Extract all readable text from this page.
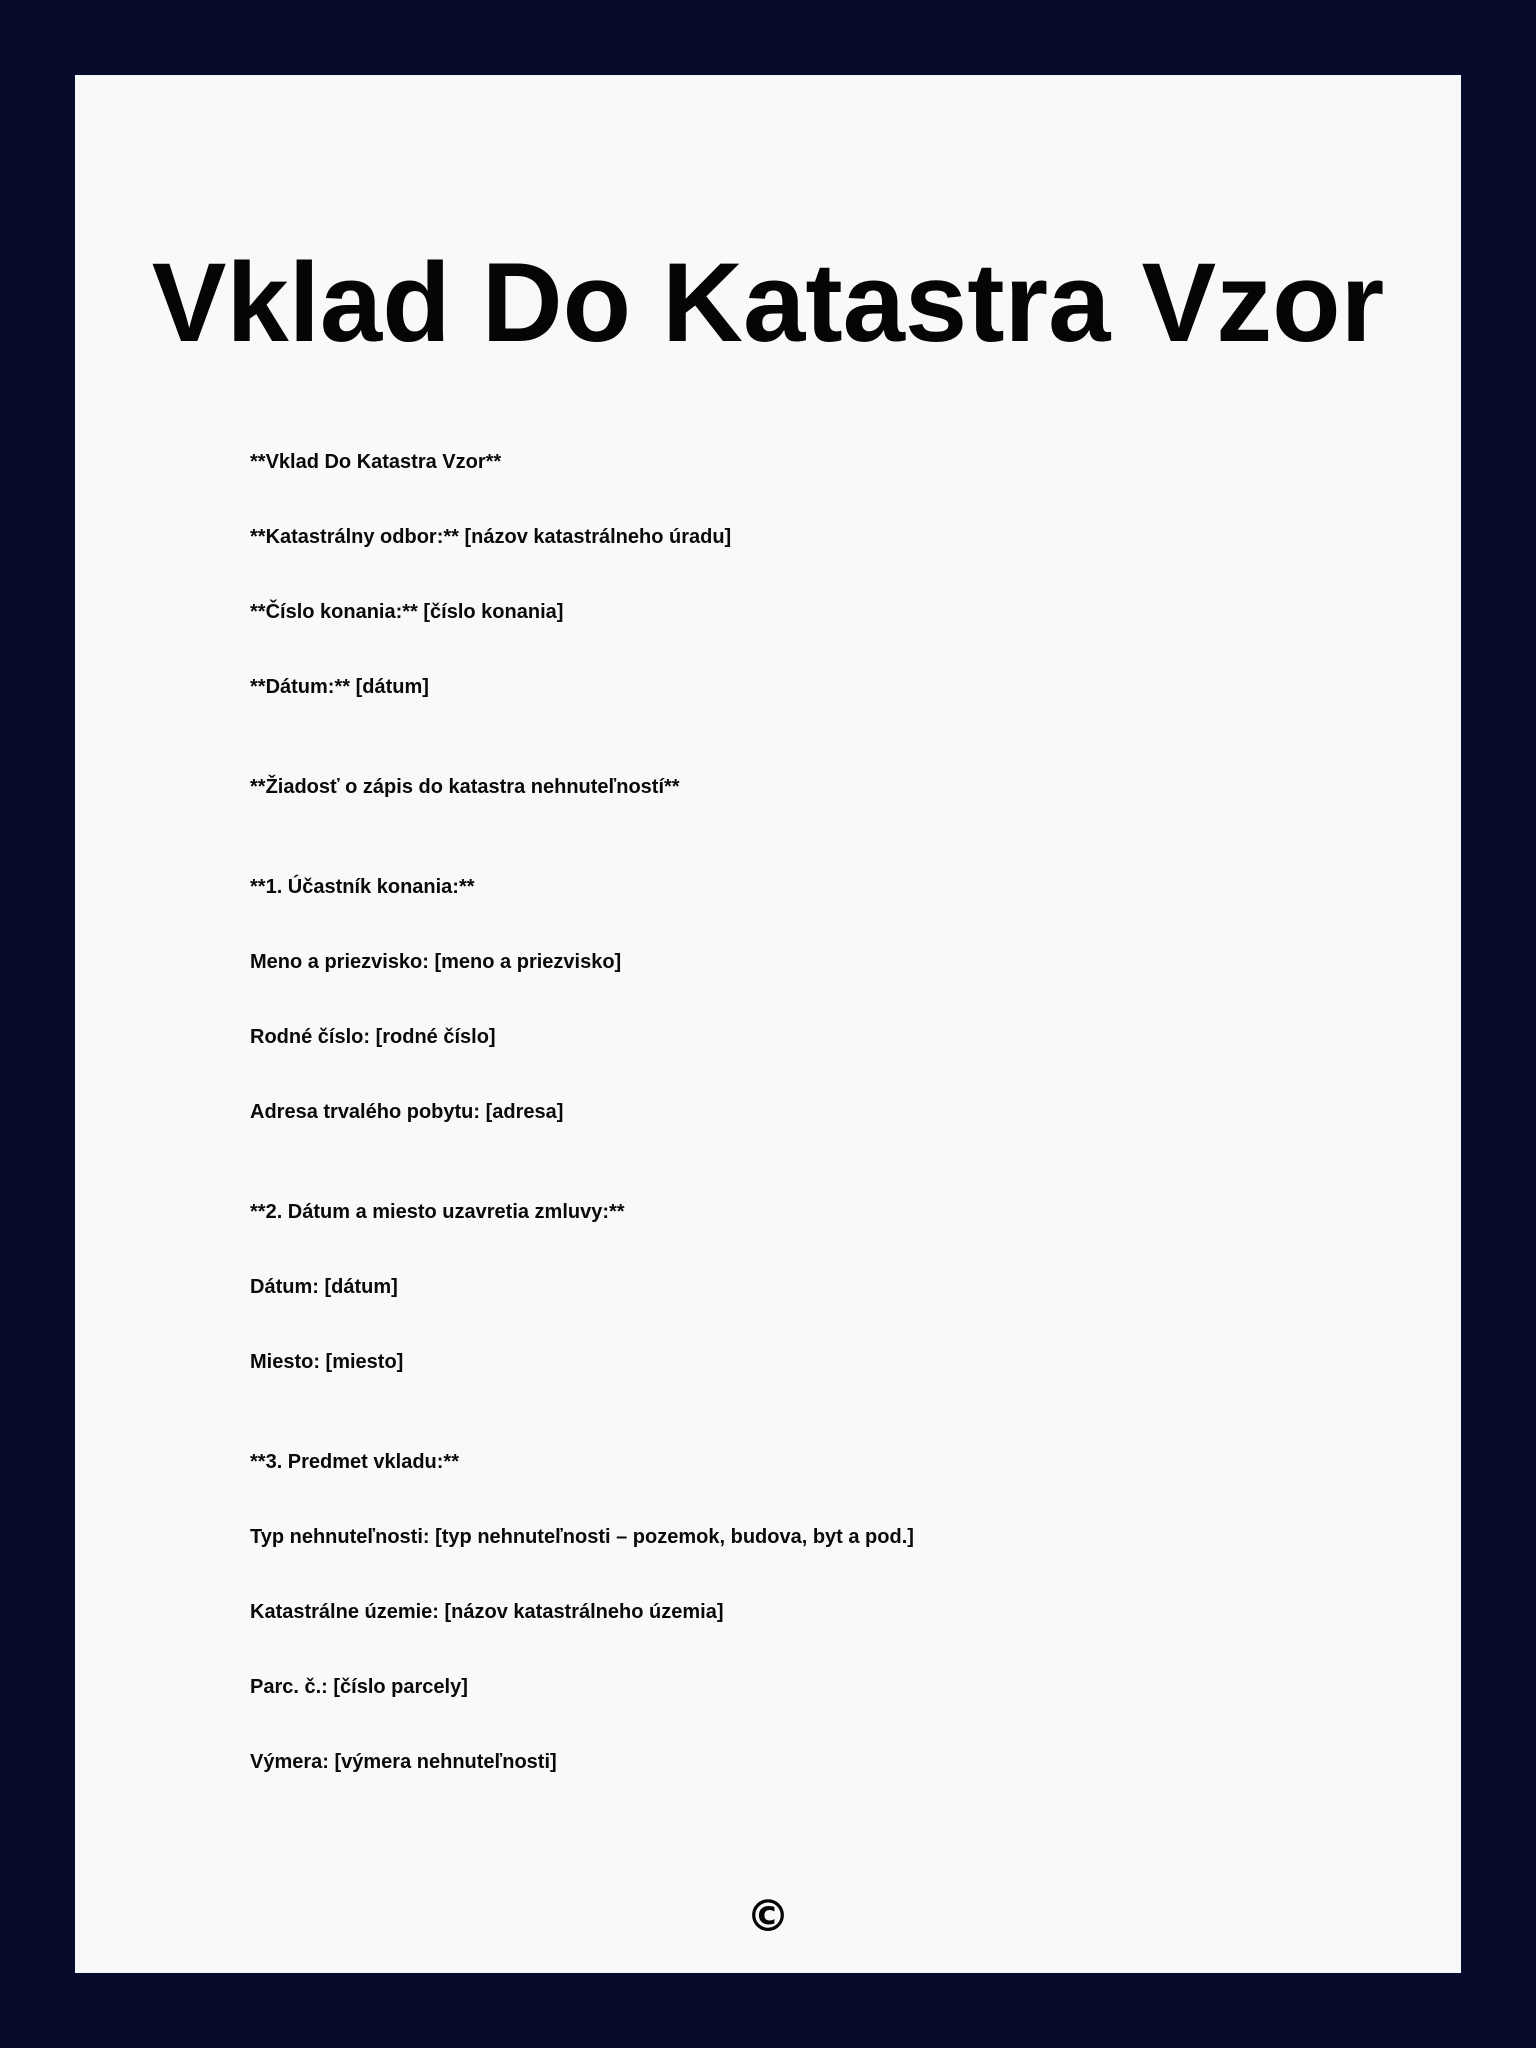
Vklad Do Katastra Vzor

**Vklad Do Katastra Vzor**

**Katastrálny odbor:** [názov katastrálneho úradu]

**Číslo konania:** [číslo konania]

**Dátum:** [dátum]

**Žiadosť o zápis do katastra nehnuteľností**

**1. Účastník konania:**

Meno a priezvisko: [meno a priezvisko]

Rodné číslo: [rodné číslo]

Adresa trvalého pobytu: [adresa]

**2. Dátum a miesto uzavretia zmluvy:**

Dátum: [dátum]

Miesto: [miesto]

**3. Predmet vkladu:**

Typ nehnuteľnosti: [typ nehnuteľnosti – pozemok, budova, byt a pod.]

Katastrálne územie: [názov katastrálneho územia]

Parc. č.: [číslo parcely]

Výmera: [výmera nehnuteľnosti]

©
